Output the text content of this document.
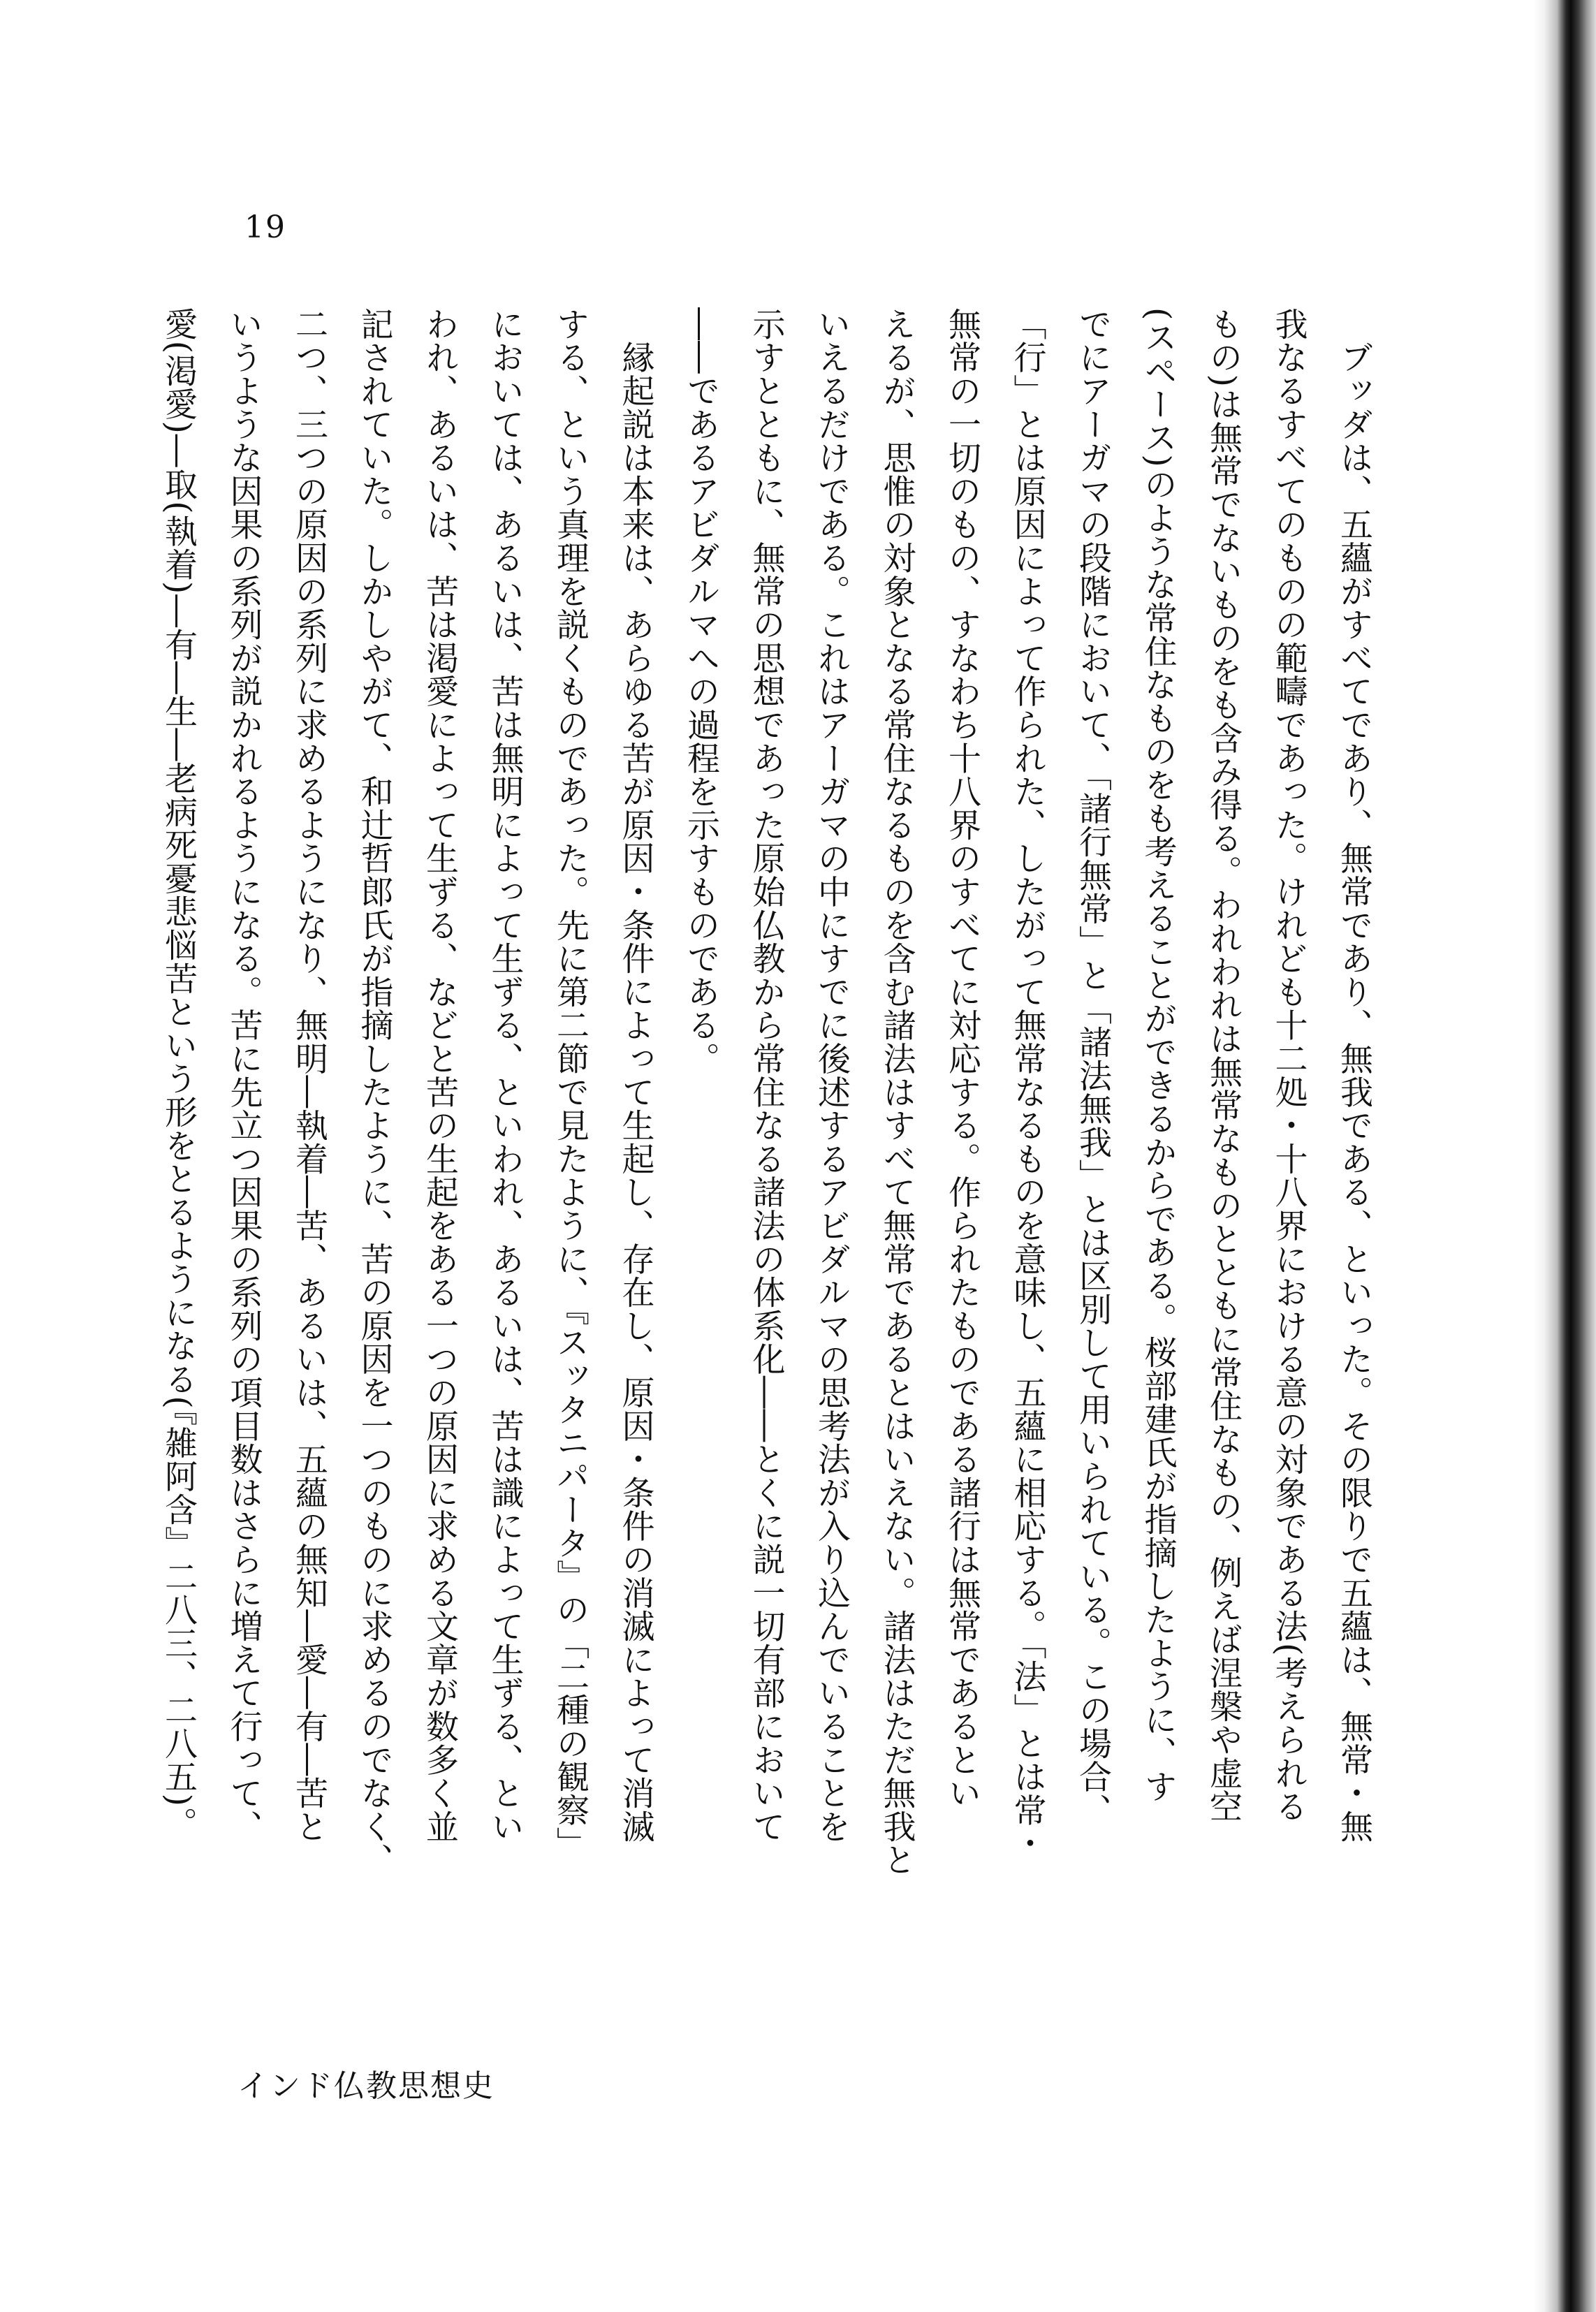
19
　ブッダは、五蘊がすべてであり、無常であり、無我である、といった。その限りで五蘊は、無常・無
我なるすべてのものの範疇であった。けれども十二処・十八界における意の対象である法(考えられる
もの)は無常でないものをも含み得る。われわれは無常なものとともに常住なもの、例えば涅槃や虚空
(スペース)のような常住なものをも考えることができるからである。桜部建氏が指摘したように、す
でにアーガマの段階において、「諸行無常」と「諸法無我」とは区別して用いられている。この場合、
「行」とは原因によって作られた、したがって無常なるものを意味し、五蘊に相応する。「法」とは常・
無常の一切のもの、すなわち十八界のすべてに対応する。作られたものである諸行は無常であるとい
えるが、思惟の対象となる常住なるものを含む諸法はすべて無常であるとはいえない。諸法はただ無我と
いえるだけである。これはアーガマの中にすでに後述するアビダルマの思考法が入り込んでいることを
示すとともに、無常の思想であった原始仏教から常住なる諸法の体系化――とくに説一切有部において
――であるアビダルマへの過程を示すものである。
　縁起説は本来は、あらゆる苦が原因・条件によって生起し、存在し、原因・条件の消滅によって消滅
する、という真理を説くものであった。先に第二節で見たように、『スッタニパータ』の「二種の観察」
においては、あるいは、苦は無明によって生ずる、といわれ、あるいは、苦は識によって生ずる、とい
われ、あるいは、苦は渇愛によって生ずる、などと苦の生起をある一つの原因に求める文章が数多く並
記されていた。しかしやがて、和辻哲郎氏が指摘したように、苦の原因を一つのものに求めるのでなく、
二つ、三つの原因の系列に求めるようになり、無明―執着―苦、あるいは、五蘊の無知―愛―有―苦と
いうような因果の系列が説かれるようになる。苦に先立つ因果の系列の項目数はさらに増えて行って、
愛(渇愛)―取(執着)―有―生―老病死憂悲悩苦という形をとるようになる(『雑阿含』二八三、二八五)。
インド仏教思想史
